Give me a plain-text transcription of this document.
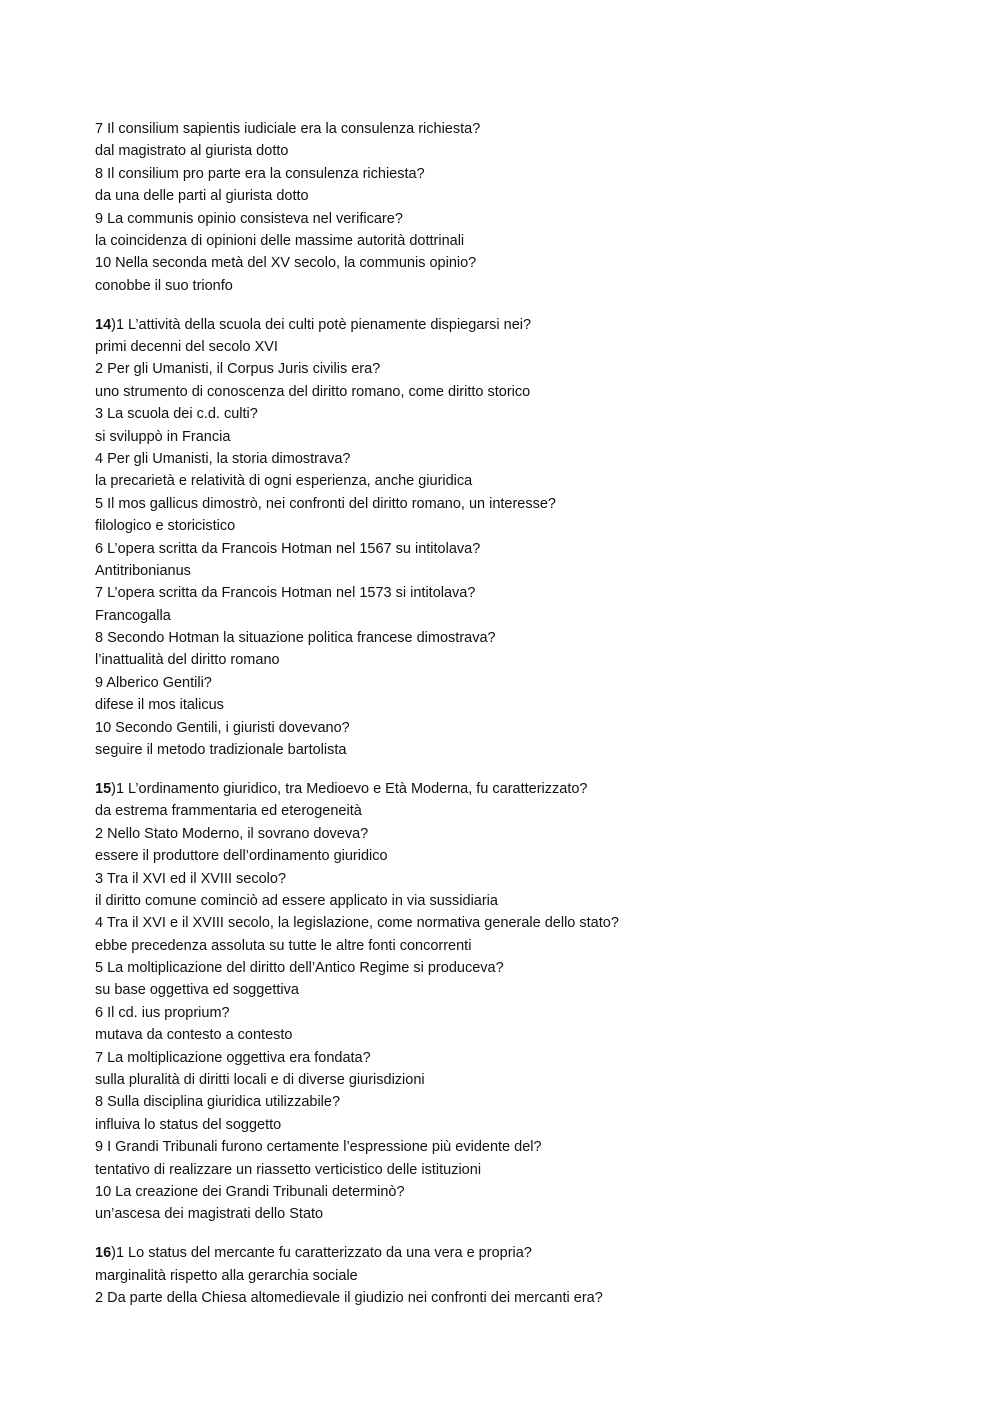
7 Il consilium sapientis iudiciale era la consulenza richiesta?
dal magistrato al giurista dotto
8 Il consilium pro parte era la consulenza richiesta?
da una delle parti al giurista dotto
9 La communis opinio consisteva nel verificare?
la coincidenza di opinioni delle massime autorità dottrinali
10 Nella seconda metà del XV secolo, la communis opinio?
conobbe il suo trionfo
14)1 L’attività della scuola dei culti potè pienamente dispiegarsi nei?
primi decenni del secolo XVI
2 Per gli Umanisti, il Corpus Juris civilis era?
uno strumento di conoscenza del diritto romano, come diritto storico
3 La scuola dei c.d. culti?
si sviluppò in Francia
4 Per gli Umanisti, la storia dimostrava?
la precarietà e relatività di ogni esperienza, anche giuridica
5 Il mos gallicus dimostrò, nei confronti del diritto romano, un interesse?
filologico e storicistico
6 L’opera scritta da Francois Hotman nel 1567 su intitolava?
Antitribonianus
7 L’opera scritta da Francois Hotman nel 1573 si intitolava?
Francogalla
8 Secondo Hotman la situazione politica francese dimostrava?
l’inattualità del diritto romano
9 Alberico Gentili?
difese il mos italicus
10 Secondo Gentili, i giuristi dovevano?
seguire il metodo tradizionale bartolista
15)1 L’ordinamento giuridico, tra Medioevo e Età Moderna, fu caratterizzato?
da estrema frammentaria ed eterogeneità
2 Nello Stato Moderno, il sovrano doveva?
essere il produttore dell’ordinamento giuridico
3 Tra il XVI ed il XVIII secolo?
il diritto comune cominciò ad essere applicato in via sussidiaria
4 Tra il XVI e il XVIII secolo, la legislazione, come normativa generale dello stato?
ebbe precedenza assoluta su tutte le altre fonti concorrenti
5 La moltiplicazione del diritto dell’Antico Regime si produceva?
su base oggettiva ed soggettiva
6 Il cd. ius proprium?
mutava da contesto a contesto
7 La moltiplicazione oggettiva era fondata?
sulla pluralità di diritti locali e di diverse giurisdizioni
8 Sulla disciplina giuridica utilizzabile?
influiva lo status del soggetto
9 I Grandi Tribunali furono certamente l’espressione più evidente del?
tentativo di realizzare un riassetto verticistico delle istituzioni
10 La creazione dei Grandi Tribunali determinò?
un’ascesa dei magistrati dello Stato
16)1 Lo status del mercante fu caratterizzato da una vera e propria?
marginalità rispetto alla gerarchia sociale
2 Da parte della Chiesa altomedievale il giudizio nei confronti dei mercanti era?
